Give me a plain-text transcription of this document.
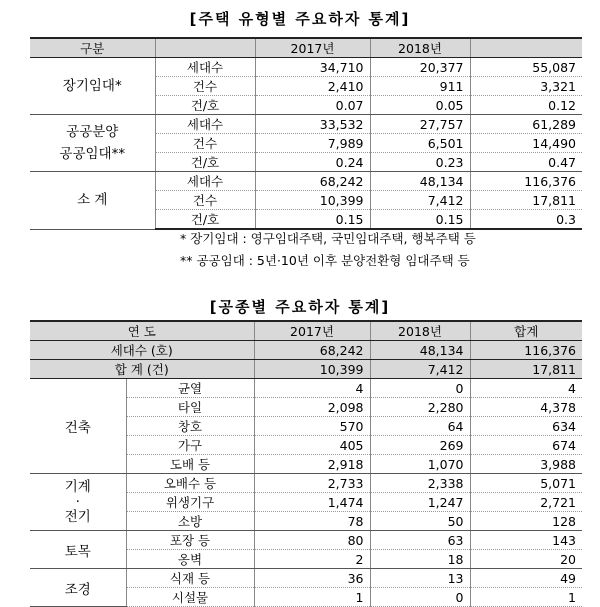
[주택 유형별 주요하자 통계]
구분		2017년	2018년	
장기임대*	세대수	34,710	20,377	55,087
	건수	2,410	911	3,321
	건/호	0.07	0.05	0.12
공공분양
공공임대**	세대수	33,532	27,757	61,289
	건수	7,989	6,501	14,490
	건/호	0.24	0.23	0.47
소 계	세대수	68,242	48,134	116,376
	건수	10,399	7,412	17,811
	건/호	0.15	0.15	0.3
* 장기임대 : 영구임대주택, 국민임대주택, 행복주택 등
** 공공임대 : 5년·10년 이후 분양전환형 임대주택 등
[공종별 주요하자 통계]
연 도		2017년	2018년	합계
세대수 (호)		68,242	48,134	116,376
합 계 (건)		10,399	7,412	17,811
건축	균열	4	0	4
	타일	2,098	2,280	4,378
	창호	570	64	634
	가구	405	269	674
	도배 등	2,918	1,070	3,988
기계
·
전기	오배수 등	2,733	2,338	5,071
	위생기구	1,474	1,247	2,721
	소방	78	50	128
토목	포장 등	80	63	143
	옹벽	2	18	20
조경	식재 등	36	13	49
	시설물	1	0	1
